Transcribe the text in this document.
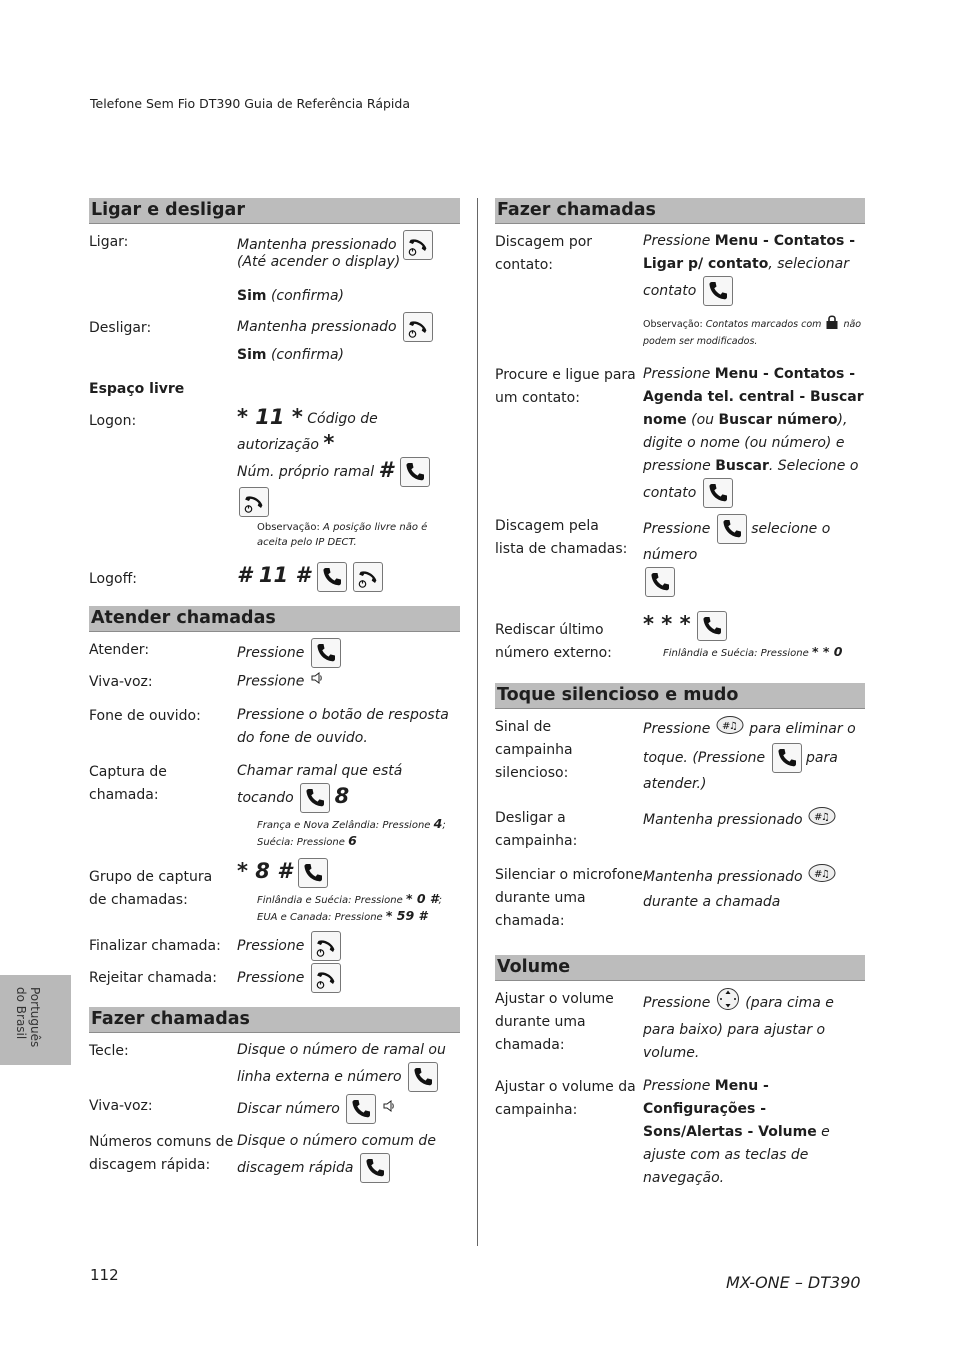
Telefone Sem Fio DT390 Guia de Referência Rápida
Ligar e desligar
Ligar:	Mantenha pressionado

(Até acender o display)
Sim (confirma)
Desligar:	Mantenha pressionado
Sim (confirma)
Espaço livre
Logon:	* 11 * Código de autorização *
Núm. próprio ramal #
Observação: A posição livre não é aceita pelo IP DECT.
Logoff:	# 11 #

Atender chamadas
Atender:	Pressione
Viva-voz:	Pressione
Fone de ouvido:	Pressione o botão de resposta do fone de ouvido.
Captura de chamada:
Chamar ramal que está
tocando 8
França e Nova Zelândia: Pressione 4;
Suécia: Pressione 6
Grupo de captura de chamadas:
* 8 #
Finlândia e Suécia: Pressione * 0 #;
EUA e Canada: Pressione * 59 #
Finalizar chamada:	Pressione
Rejeitar chamada:	Pressione
Fazer chamadas
Tecle:	Disque o número de ramal ou linha externa e número
Viva-voz:	Discar número

Números comuns de discagem rápida:
Disque o número comum de discagem rápida
Fazer chamadas
Discagem por contato:
Pressione Menu - Contatos - Ligar p/ contato, selecionar contato
Observação: Contatos marcados com não podem ser modificados.
Procure e ligue para um contato:
Pressione Menu - Contatos - Agenda tel. central - Buscar nome (ou Buscar número), digite o nome (ou número) e pressione Buscar. Selecione o contato
Discagem pela lista de chamadas:
Pressione	selecione o número

Rediscar último número externo:
* * *
Finlândia e Suécia: Pressione * * 0
Toque silencioso e mudo
Sinal de campainha silencioso:
Pressione #
♫ para eliminar o toque. (Pressione	para atender.)
Desligar a campainha:
Mantenha pressionado #
♫
Silenciar o microfone durante uma chamada:
Mantenha pressionado #
♫

durante a chamada
Volume
Ajustar o volume durante uma chamada:
Pressione (para cima e para baixo) para ajustar o volume.
Ajustar o volume da campainha:
Pressione Menu - Configurações - Sons/Alertas - Volume e ajuste com as teclas de navegação.
Português do Brasil
112	MX-ONE – DT390
